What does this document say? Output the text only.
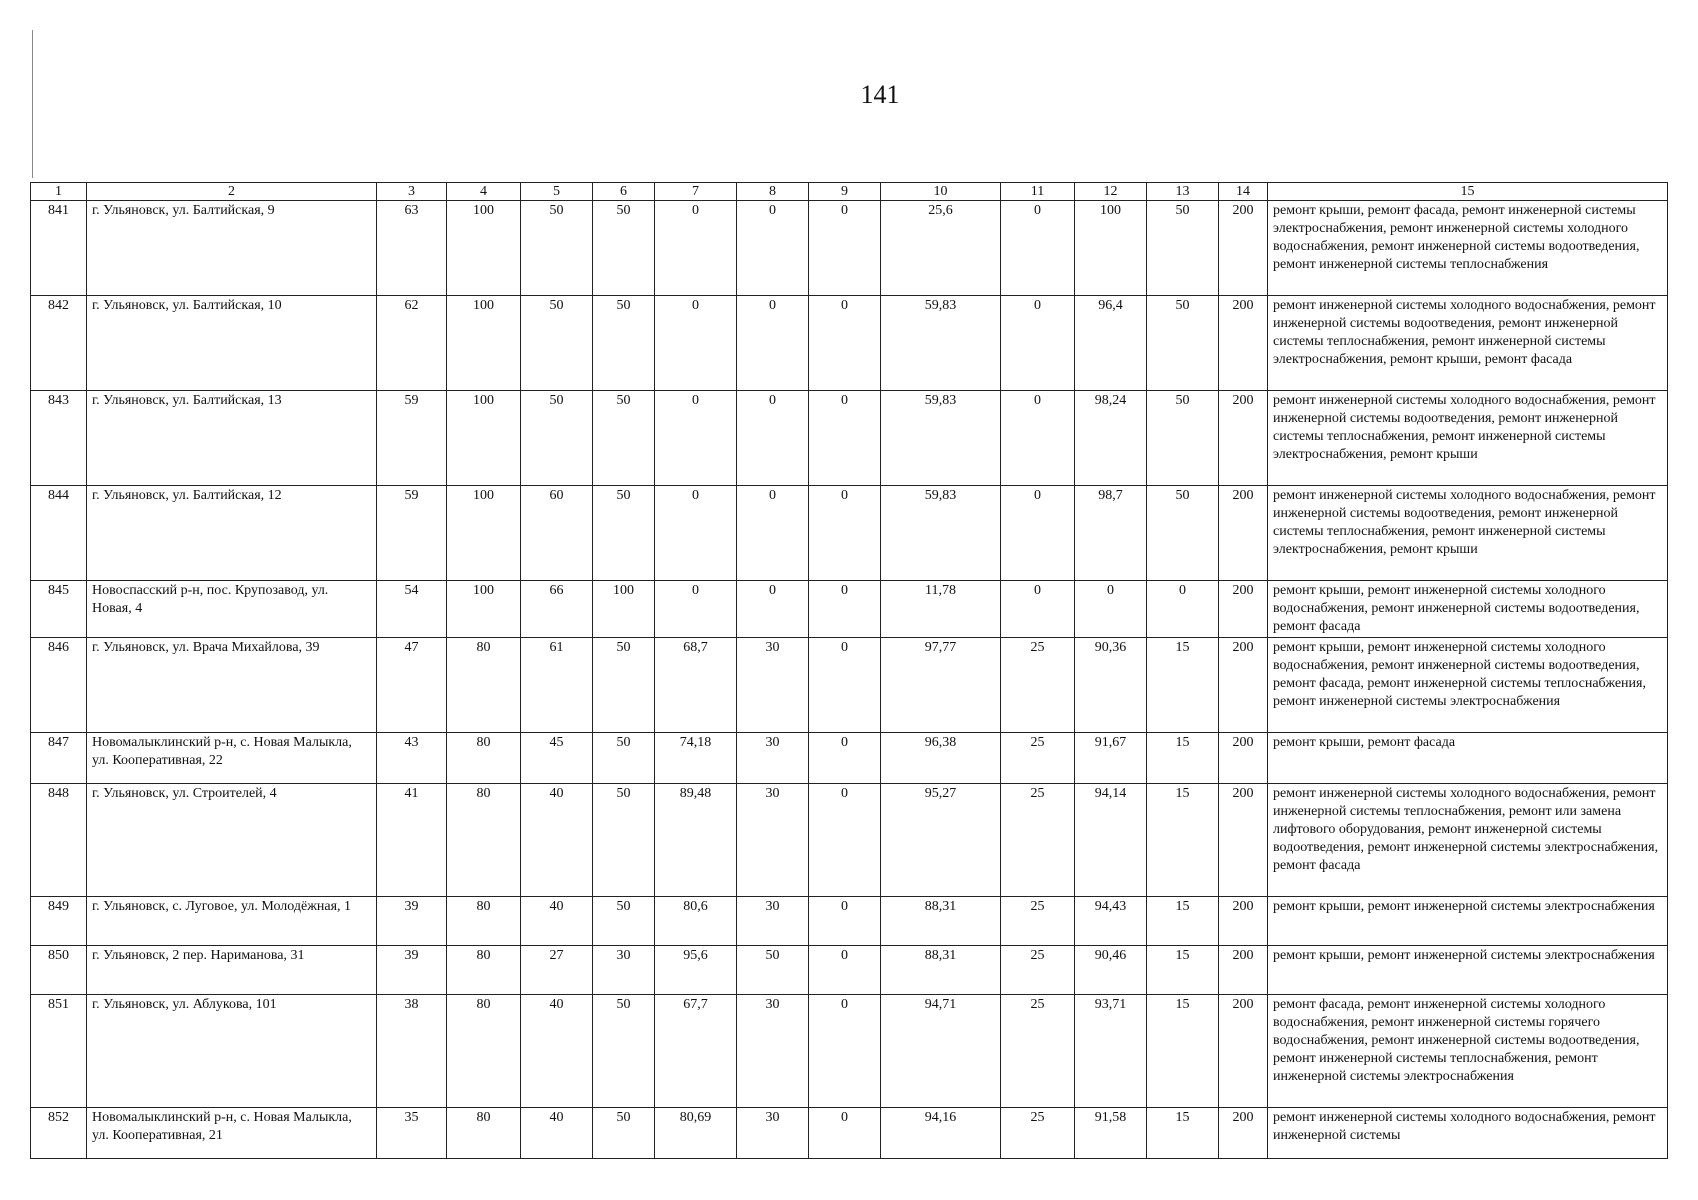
141
1	2	3	4	5	6	7	8	9	10	11	12	13	14	15
841	г. Ульяновск, ул. Балтийская, 9	63	100	50	50	0	0	0	25,6	0	100	50	200	ремонт крыши, ремонт фасада, ремонт инженерной системы электроснабжения, ремонт инженерной системы холодного водоснабжения, ремонт инженерной системы водоотведения, ремонт инженерной системы теплоснабжения
842	г. Ульяновск, ул. Балтийская, 10	62	100	50	50	0	0	0	59,83	0	96,4	50	200	ремонт инженерной системы холодного водоснабжения, ремонт инженерной системы водоотведения, ремонт инженерной системы теплоснабжения, ремонт инженерной системы электроснабжения, ремонт крыши, ремонт фасада
843	г. Ульяновск, ул. Балтийская, 13	59	100	50	50	0	0	0	59,83	0	98,24	50	200	ремонт инженерной системы холодного водоснабжения, ремонт инженерной системы водоотведения, ремонт инженерной системы теплоснабжения, ремонт инженерной системы электроснабжения, ремонт крыши
844	г. Ульяновск, ул. Балтийская, 12	59	100	60	50	0	0	0	59,83	0	98,7	50	200	ремонт инженерной системы холодного водоснабжения, ремонт инженерной системы водоотведения, ремонт инженерной системы теплоснабжения, ремонт инженерной системы электроснабжения, ремонт крыши
845	Новоспасский р-н, пос. Крупозавод, ул. Новая, 4	54	100	66	100	0	0	0	11,78	0	0	0	200	ремонт крыши, ремонт инженерной системы холодного водоснабжения, ремонт инженерной системы водоотведения, ремонт фасада
846	г. Ульяновск, ул. Врача Михайлова, 39	47	80	61	50	68,7	30	0	97,77	25	90,36	15	200	ремонт крыши, ремонт инженерной системы холодного водоснабжения, ремонт инженерной системы водоотведения, ремонт фасада, ремонт инженерной системы теплоснабжения, ремонт инженерной системы электроснабжения
847	Новомалыклинский р-н, с. Новая Малыкла, ул. Кооперативная, 22	43	80	45	50	74,18	30	0	96,38	25	91,67	15	200	ремонт крыши, ремонт фасада
848	г. Ульяновск, ул. Строителей, 4	41	80	40	50	89,48	30	0	95,27	25	94,14	15	200	ремонт инженерной системы холодного водоснабжения, ремонт инженерной системы теплоснабжения, ремонт или замена лифтового оборудования, ремонт инженерной системы водоотведения, ремонт инженерной системы электроснабжения, ремонт фасада
849	г. Ульяновск, с. Луговое, ул. Молодёжная, 1	39	80	40	50	80,6	30	0	88,31	25	94,43	15	200	ремонт крыши, ремонт инженерной системы электроснабжения
850	г. Ульяновск, 2 пер. Нариманова, 31	39	80	27	30	95,6	50	0	88,31	25	90,46	15	200	ремонт крыши, ремонт инженерной системы электроснабжения
851	г. Ульяновск, ул. Аблукова, 101	38	80	40	50	67,7	30	0	94,71	25	93,71	15	200	ремонт фасада, ремонт инженерной системы холодного водоснабжения, ремонт инженерной системы горячего водоснабжения, ремонт инженерной системы водоотведения, ремонт инженерной системы теплоснабжения, ремонт инженерной системы электроснабжения
852	Новомалыклинский р-н, с. Новая Малыкла, ул. Кооперативная, 21	35	80	40	50	80,69	30	0	94,16	25	91,58	15	200	ремонт инженерной системы холодного водоснабжения, ремонт инженерной системы
